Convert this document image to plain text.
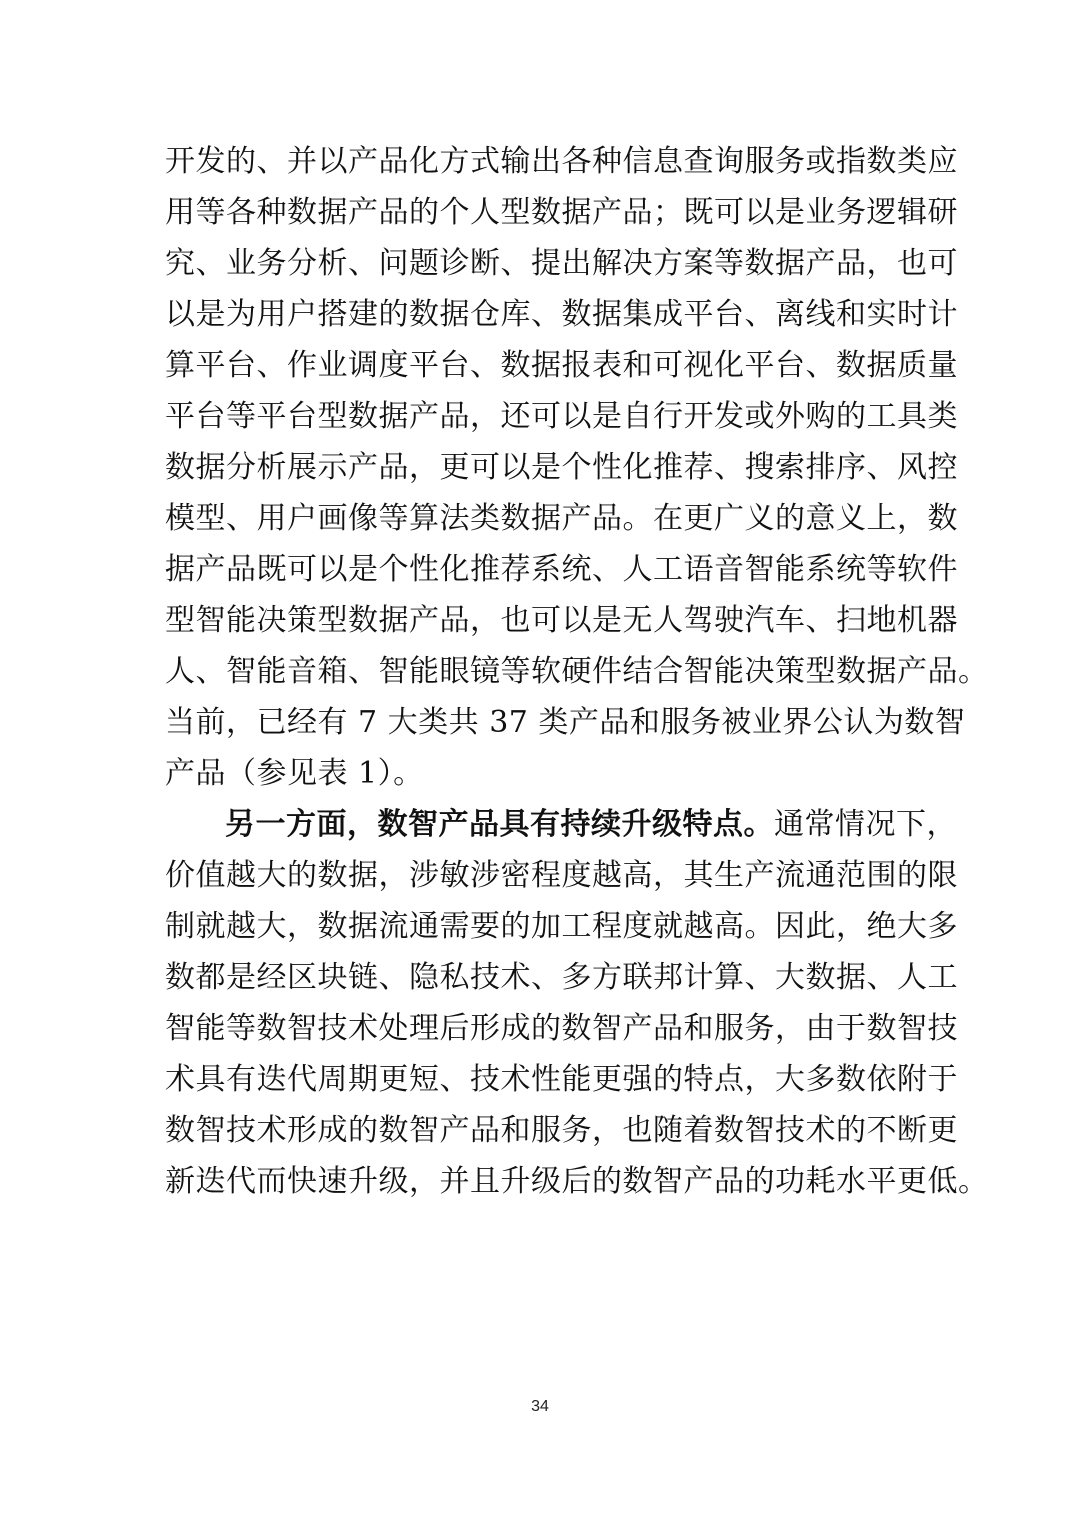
开发的、并以产品化方式输出各种信息查询服务或指数类应
用等各种数据产品的个人型数据产品；既可以是业务逻辑研
究、业务分析、问题诊断、提出解决方案等数据产品，也可
以是为用户搭建的数据仓库、数据集成平台、离线和实时计
算平台、作业调度平台、数据报表和可视化平台、数据质量
平台等平台型数据产品，还可以是自行开发或外购的工具类
数据分析展示产品，更可以是个性化推荐、搜索排序、风控
模型、用户画像等算法类数据产品。在更广义的意义上，数
据产品既可以是个性化推荐系统、人工语音智能系统等软件
型智能决策型数据产品，也可以是无人驾驶汽车、扫地机器
人、智能音箱、智能眼镜等软硬件结合智能决策型数据产品。
当前，已经有 7 大类共 37 类产品和服务被业界公认为数智
产品（参见表 1）。
另一方面，数智产品具有持续升级特点。通常情况下，
价值越大的数据，涉敏涉密程度越高，其生产流通范围的限
制就越大，数据流通需要的加工程度就越高。因此，绝大多
数都是经区块链、隐私技术、多方联邦计算、大数据、人工
智能等数智技术处理后形成的数智产品和服务，由于数智技
术具有迭代周期更短、技术性能更强的特点，大多数依附于
数智技术形成的数智产品和服务，也随着数智技术的不断更
新迭代而快速升级，并且升级后的数智产品的功耗水平更低。
34
